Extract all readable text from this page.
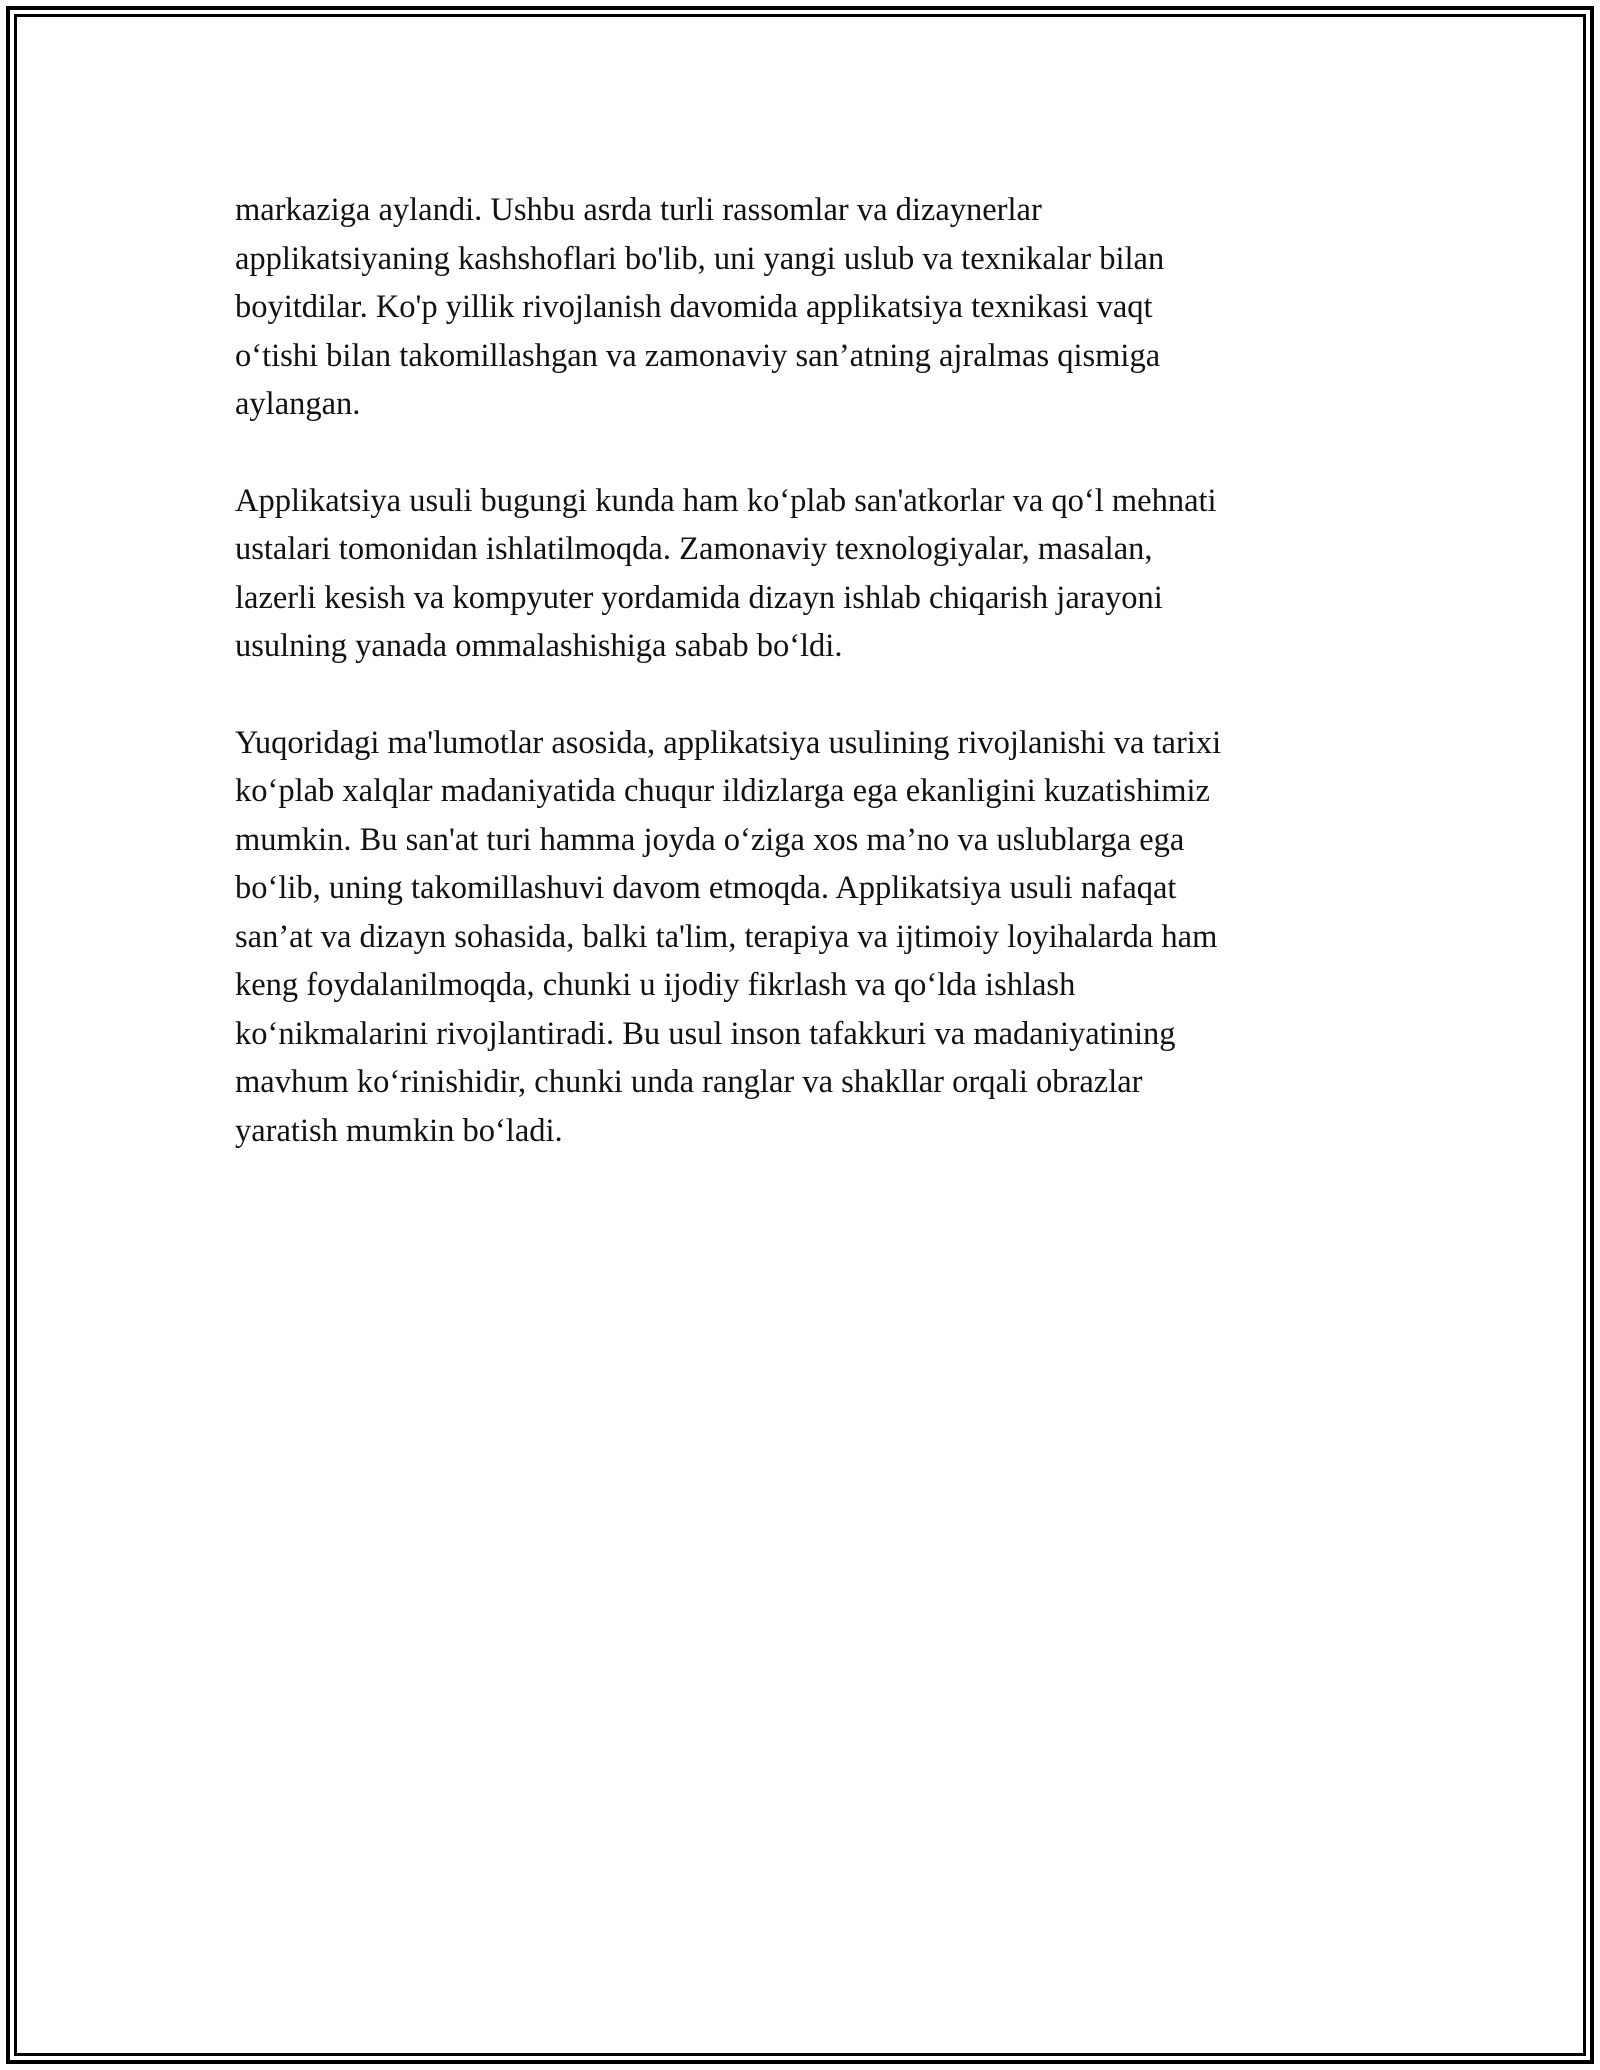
markaziga aylandi. Ushbu asrda turli rassomlar va dizaynerlar
applikatsiyaning kashshoflari bo'lib, uni yangi uslub va texnikalar bilan
boyitdilar. Ko'p yillik rivojlanish davomida applikatsiya texnikasi vaqt
o‘tishi bilan takomillashgan va zamonaviy san’atning ajralmas qismiga
aylangan.

Applikatsiya usuli bugungi kunda ham ko‘plab san'atkorlar va qo‘l mehnati
ustalari tomonidan ishlatilmoqda. Zamonaviy texnologiyalar, masalan,
lazerli kesish va kompyuter yordamida dizayn ishlab chiqarish jarayoni
usulning yanada ommalashishiga sabab bo‘ldi.

Yuqoridagi ma'lumotlar asosida, applikatsiya usulining rivojlanishi va tarixi
ko‘plab xalqlar madaniyatida chuqur ildizlarga ega ekanligini kuzatishimiz
mumkin. Bu san'at turi hamma joyda o‘ziga xos ma’no va uslublarga ega
bo‘lib, uning takomillashuvi davom etmoqda. Applikatsiya usuli nafaqat
san’at va dizayn sohasida, balki ta'lim, terapiya va ijtimoiy loyihalarda ham
keng foydalanilmoqda, chunki u ijodiy fikrlash va qo‘lda ishlash
ko‘nikmalarini rivojlantiradi. Bu usul inson tafakkuri va madaniyatining
mavhum ko‘rinishidir, chunki unda ranglar va shakllar orqali obrazlar
yaratish mumkin bo‘ladi.
